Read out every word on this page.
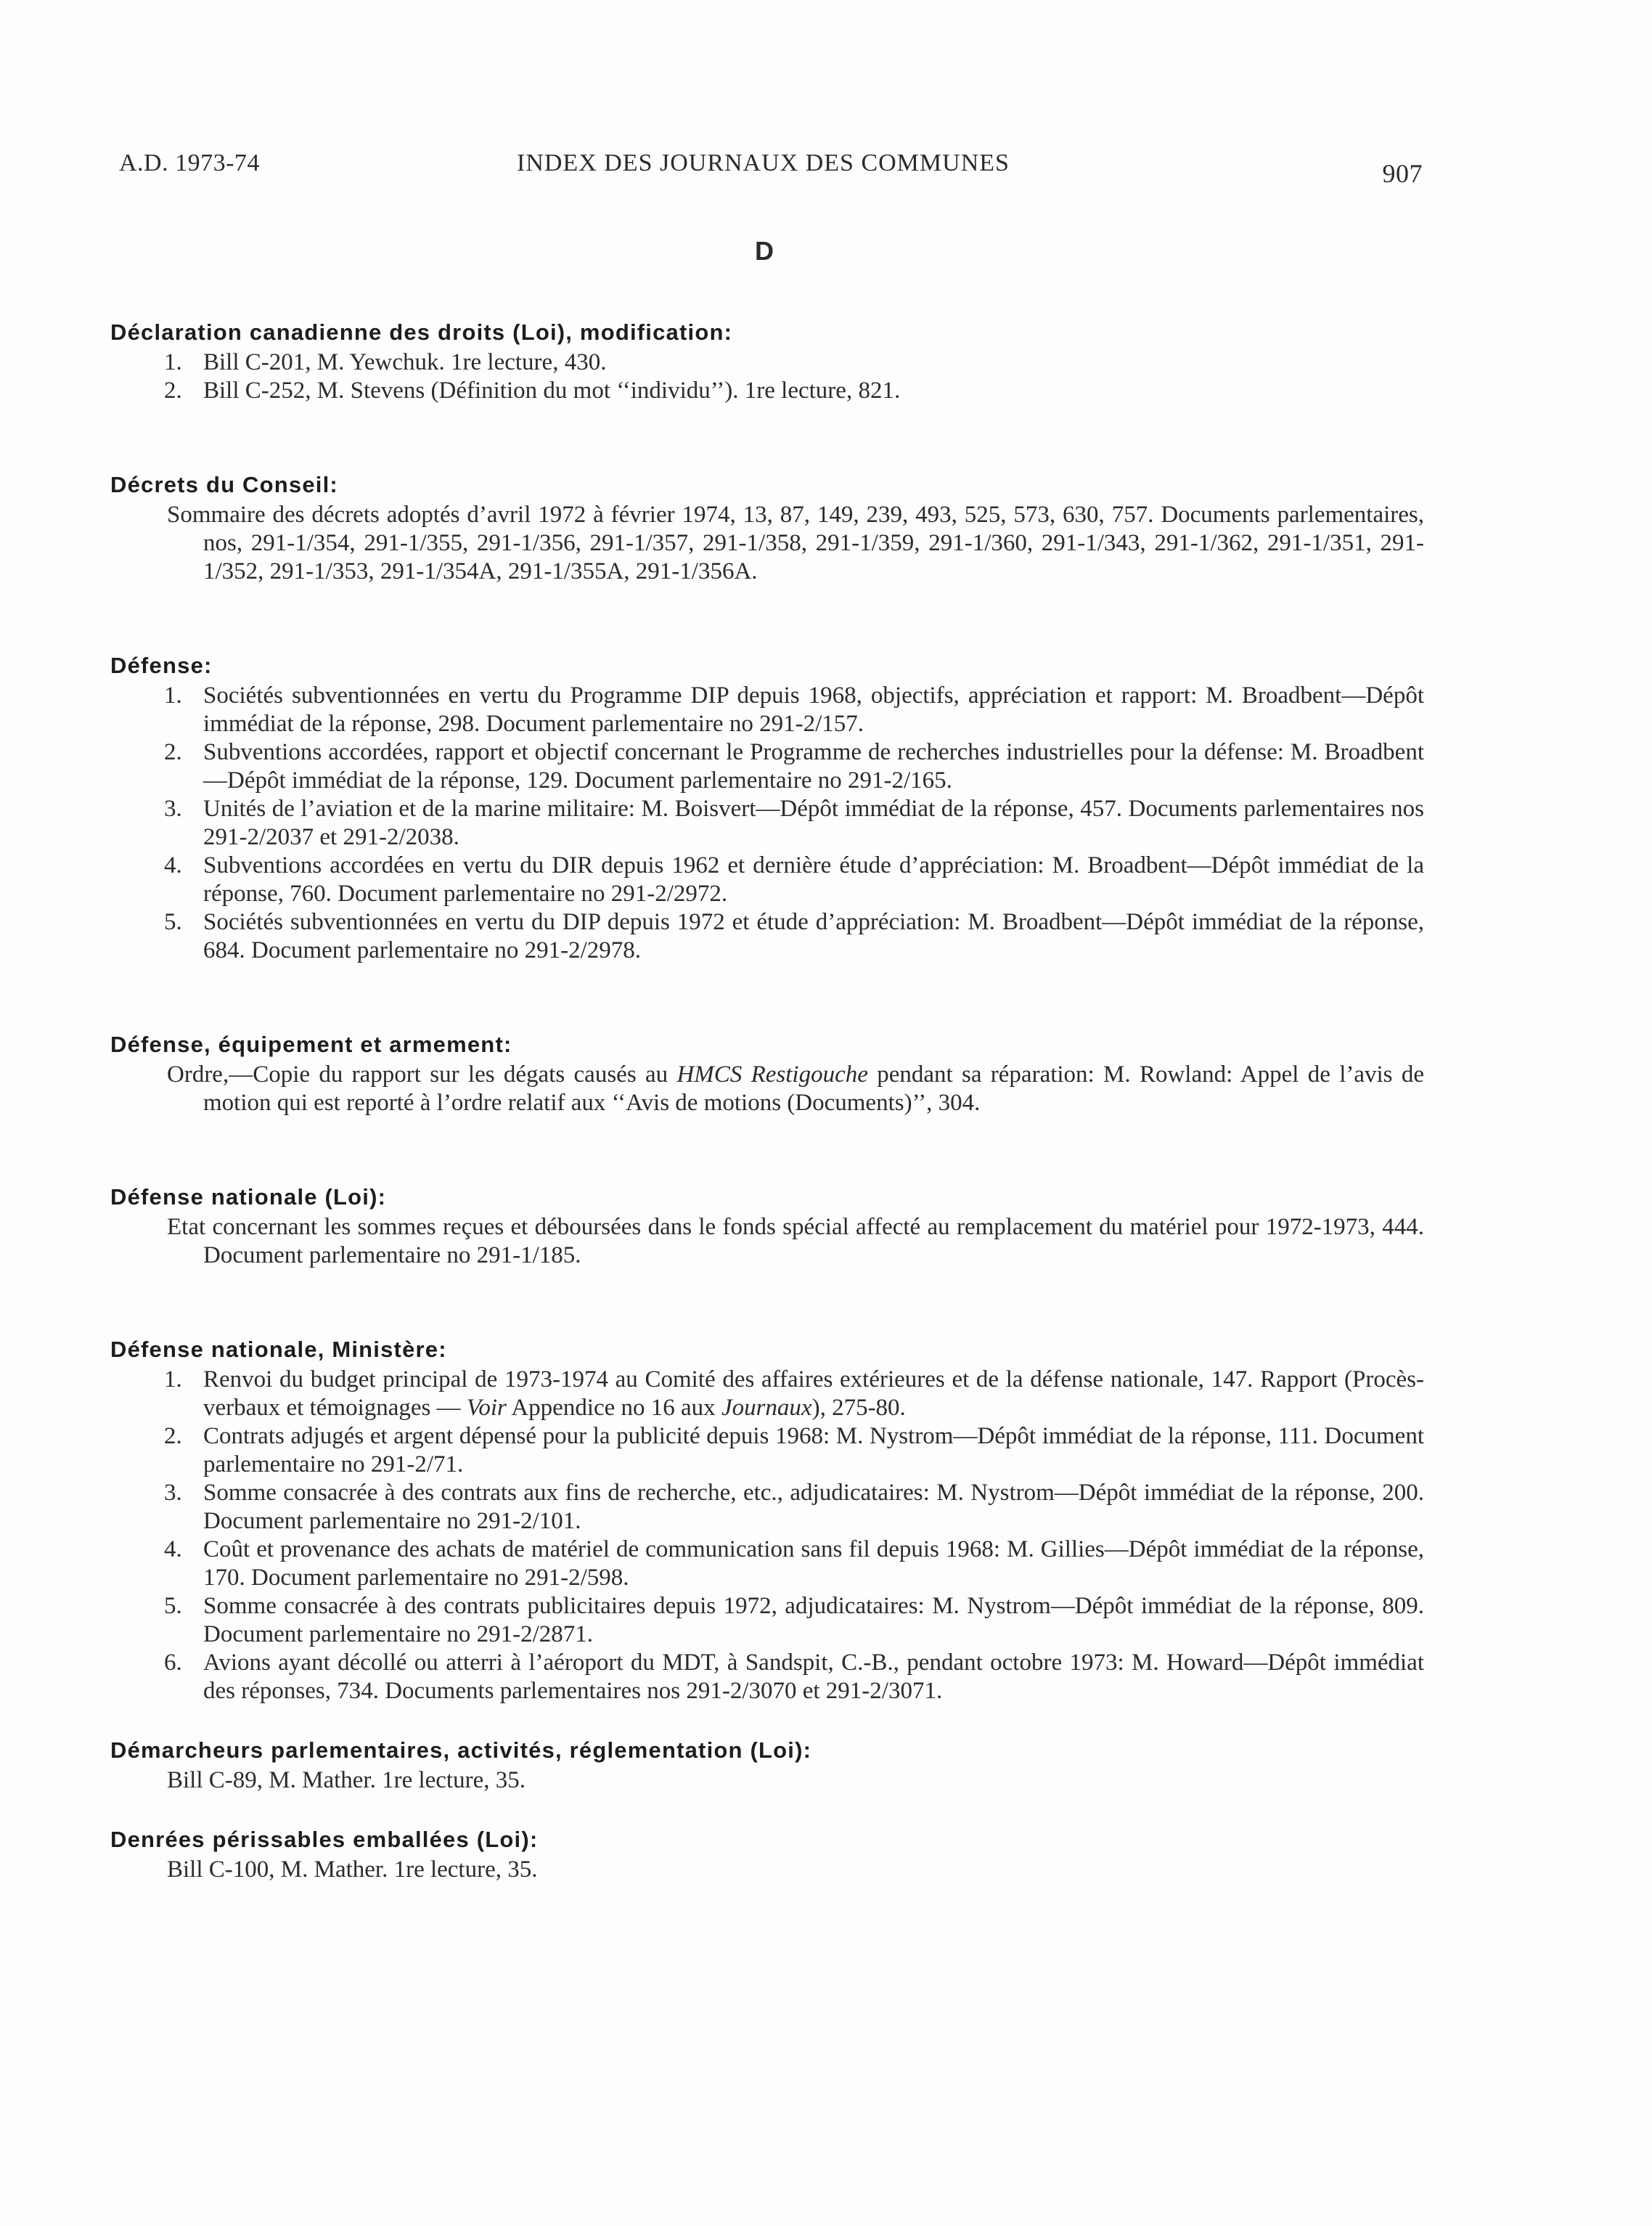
A.D. 1973-74	INDEX DES JOURNAUX DES COMMUNES	907
D
Déclaration canadienne des droits (Loi), modification:
1. Bill C-201, M. Yewchuk. 1re lecture, 430.
2. Bill C-252, M. Stevens (Définition du mot ‘‘individu’’). 1re lecture, 821.
Décrets du Conseil:
Sommaire des décrets adoptés d’avril 1972 à février 1974, 13, 87, 149, 239, 493, 525, 573, 630, 757. Documents parlementaires, nos, 291-1/354, 291-1/355, 291-1/356, 291-1/357, 291-1/358, 291-1/359, 291-1/360, 291-1/343, 291-1/362, 291-1/351, 291-1/352, 291-1/353, 291-1/354A, 291-1/355A, 291-1/356A.
Défense:
1. Sociétés subventionnées en vertu du Programme DIP depuis 1968, objectifs, appréciation et rapport: M. Broadbent—Dépôt immédiat de la réponse, 298. Document parlementaire no 291-2/157.
2. Subventions accordées, rapport et objectif concernant le Programme de recherches industrielles pour la défense: M. Broadbent—Dépôt immédiat de la réponse, 129. Document parlementaire no 291-2/165.
3. Unités de l’aviation et de la marine militaire: M. Boisvert—Dépôt immédiat de la réponse, 457. Documents parlementaires nos 291-2/2037 et 291-2/2038.
4. Subventions accordées en vertu du DIR depuis 1962 et dernière étude d’appréciation: M. Broadbent—Dépôt immédiat de la réponse, 760. Document parlementaire no 291-2/2972.
5. Sociétés subventionnées en vertu du DIP depuis 1972 et étude d’appréciation: M. Broadbent—Dépôt immédiat de la réponse, 684. Document parlementaire no 291-2/2978.
Défense, équipement et armement:
Ordre,—Copie du rapport sur les dégats causés au HMCS Restigouche pendant sa réparation: M. Rowland: Appel de l’avis de motion qui est reporté à l’ordre relatif aux ‘‘Avis de motions (Documents)’’, 304.
Défense nationale (Loi):
Etat concernant les sommes reçues et déboursées dans le fonds spécial affecté au remplacement du matériel pour 1972-1973, 444. Document parlementaire no 291-1/185.
Défense nationale, Ministère:
1. Renvoi du budget principal de 1973-1974 au Comité des affaires extérieures et de la défense nationale, 147. Rapport (Procès-verbaux et témoignages — Voir Appendice no 16 aux Journaux), 275-80.
2. Contrats adjugés et argent dépensé pour la publicité depuis 1968: M. Nystrom—Dépôt immédiat de la réponse, 111. Document parlementaire no 291-2/71.
3. Somme consacrée à des contrats aux fins de recherche, etc., adjudicataires: M. Nystrom—Dépôt immédiat de la réponse, 200. Document parlementaire no 291-2/101.
4. Coût et provenance des achats de matériel de communication sans fil depuis 1968: M. Gillies—Dépôt immédiat de la réponse, 170. Document parlementaire no 291-2/598.
5. Somme consacrée à des contrats publicitaires depuis 1972, adjudicataires: M. Nystrom—Dépôt immédiat de la réponse, 809. Document parlementaire no 291-2/2871.
6. Avions ayant décollé ou atterri à l’aéroport du MDT, à Sandspit, C.-B., pendant octobre 1973: M. Howard—Dépôt immédiat des réponses, 734. Documents parlementaires nos 291-2/3070 et 291-2/3071.
Démarcheurs parlementaires, activités, réglementation (Loi):
Bill C-89, M. Mather. 1re lecture, 35.
Denrées périssables emballées (Loi):
Bill C-100, M. Mather. 1re lecture, 35.
